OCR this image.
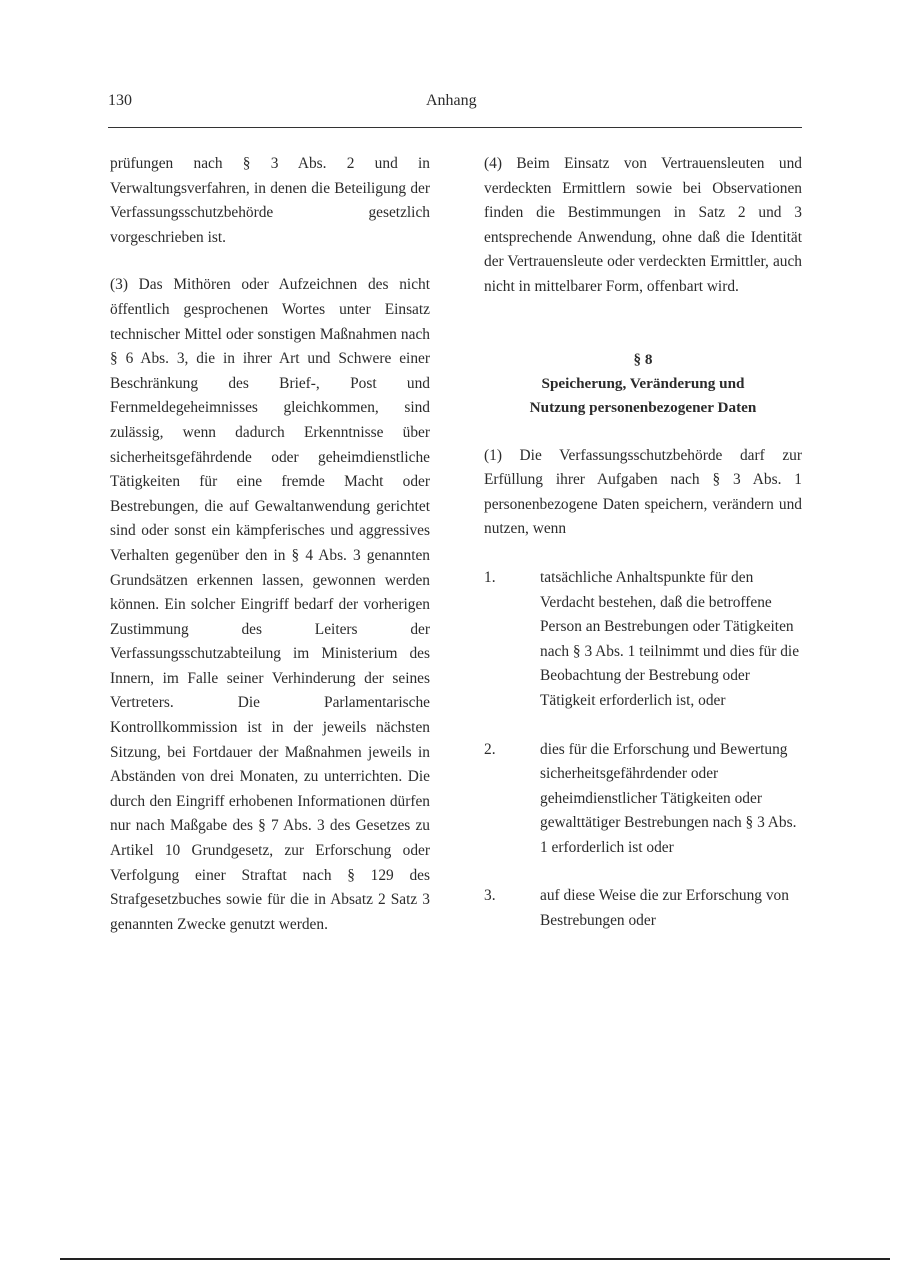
130	Anhang

prüfungen nach § 3 Abs. 2 und in Verwaltungsverfahren, in denen die Beteiligung der Verfassungsschutzbehörde gesetzlich vorgeschrieben ist.

(3) Das Mithören oder Aufzeichnen des nicht öffentlich gesprochenen Wortes unter Einsatz technischer Mittel oder sonstigen Maßnahmen nach § 6 Abs. 3, die in ihrer Art und Schwere einer Beschränkung des Brief-, Post und Fernmeldegeheimnisses gleichkommen, sind zulässig, wenn dadurch Erkenntnisse über sicherheitsgefährdende oder geheimdienstliche Tätigkeiten für eine fremde Macht oder Bestrebungen, die auf Gewaltanwendung gerichtet sind oder sonst ein kämpferisches und aggressives Verhalten gegenüber den in § 4 Abs. 3 genannten Grundsätzen erkennen lassen, gewonnen werden können. Ein solcher Eingriff bedarf der vorherigen Zustimmung des Leiters der Verfassungsschutzabteilung im Ministerium des Innern, im Falle seiner Verhinderung der seines Vertreters. Die Parlamentarische Kontrollkommission ist in der jeweils nächsten Sitzung, bei Fortdauer der Maßnahmen jeweils in Abständen von drei Monaten, zu unterrichten. Die durch den Eingriff erhobenen Informationen dürfen nur nach Maßgabe des § 7 Abs. 3 des Gesetzes zu Artikel 10 Grundgesetz, zur Erforschung oder Verfolgung einer Straftat nach § 129 des Strafgesetzbuches sowie für die in Absatz 2 Satz 3 genannten Zwecke genutzt werden.

(4) Beim Einsatz von Vertrauensleuten und verdeckten Ermittlern sowie bei Observationen finden die Bestimmungen in Satz 2 und 3 entsprechende Anwendung, ohne daß die Identität der Vertrauensleute oder verdeckten Ermittler, auch nicht in mittelbarer Form, offenbart wird.

§ 8
Speicherung, Veränderung und
Nutzung personenbezogener Daten

(1) Die Verfassungsschutzbehörde darf zur Erfüllung ihrer Aufgaben nach § 3 Abs. 1 personenbezogene Daten speichern, verändern und nutzen, wenn

1.	tatsächliche Anhaltspunkte für den Verdacht bestehen, daß die betroffene Person an Bestrebungen oder Tätigkeiten nach § 3 Abs. 1 teilnimmt und dies für die Beobachtung der Bestrebung oder Tätigkeit erforderlich ist, oder
2.	dies für die Erforschung und Bewertung sicherheitsgefährdender oder geheimdienstlicher Tätigkeiten oder gewalttätiger Bestrebungen nach § 3 Abs. 1 erforderlich ist oder
3.	auf diese Weise die zur Erforschung von Bestrebungen oder
